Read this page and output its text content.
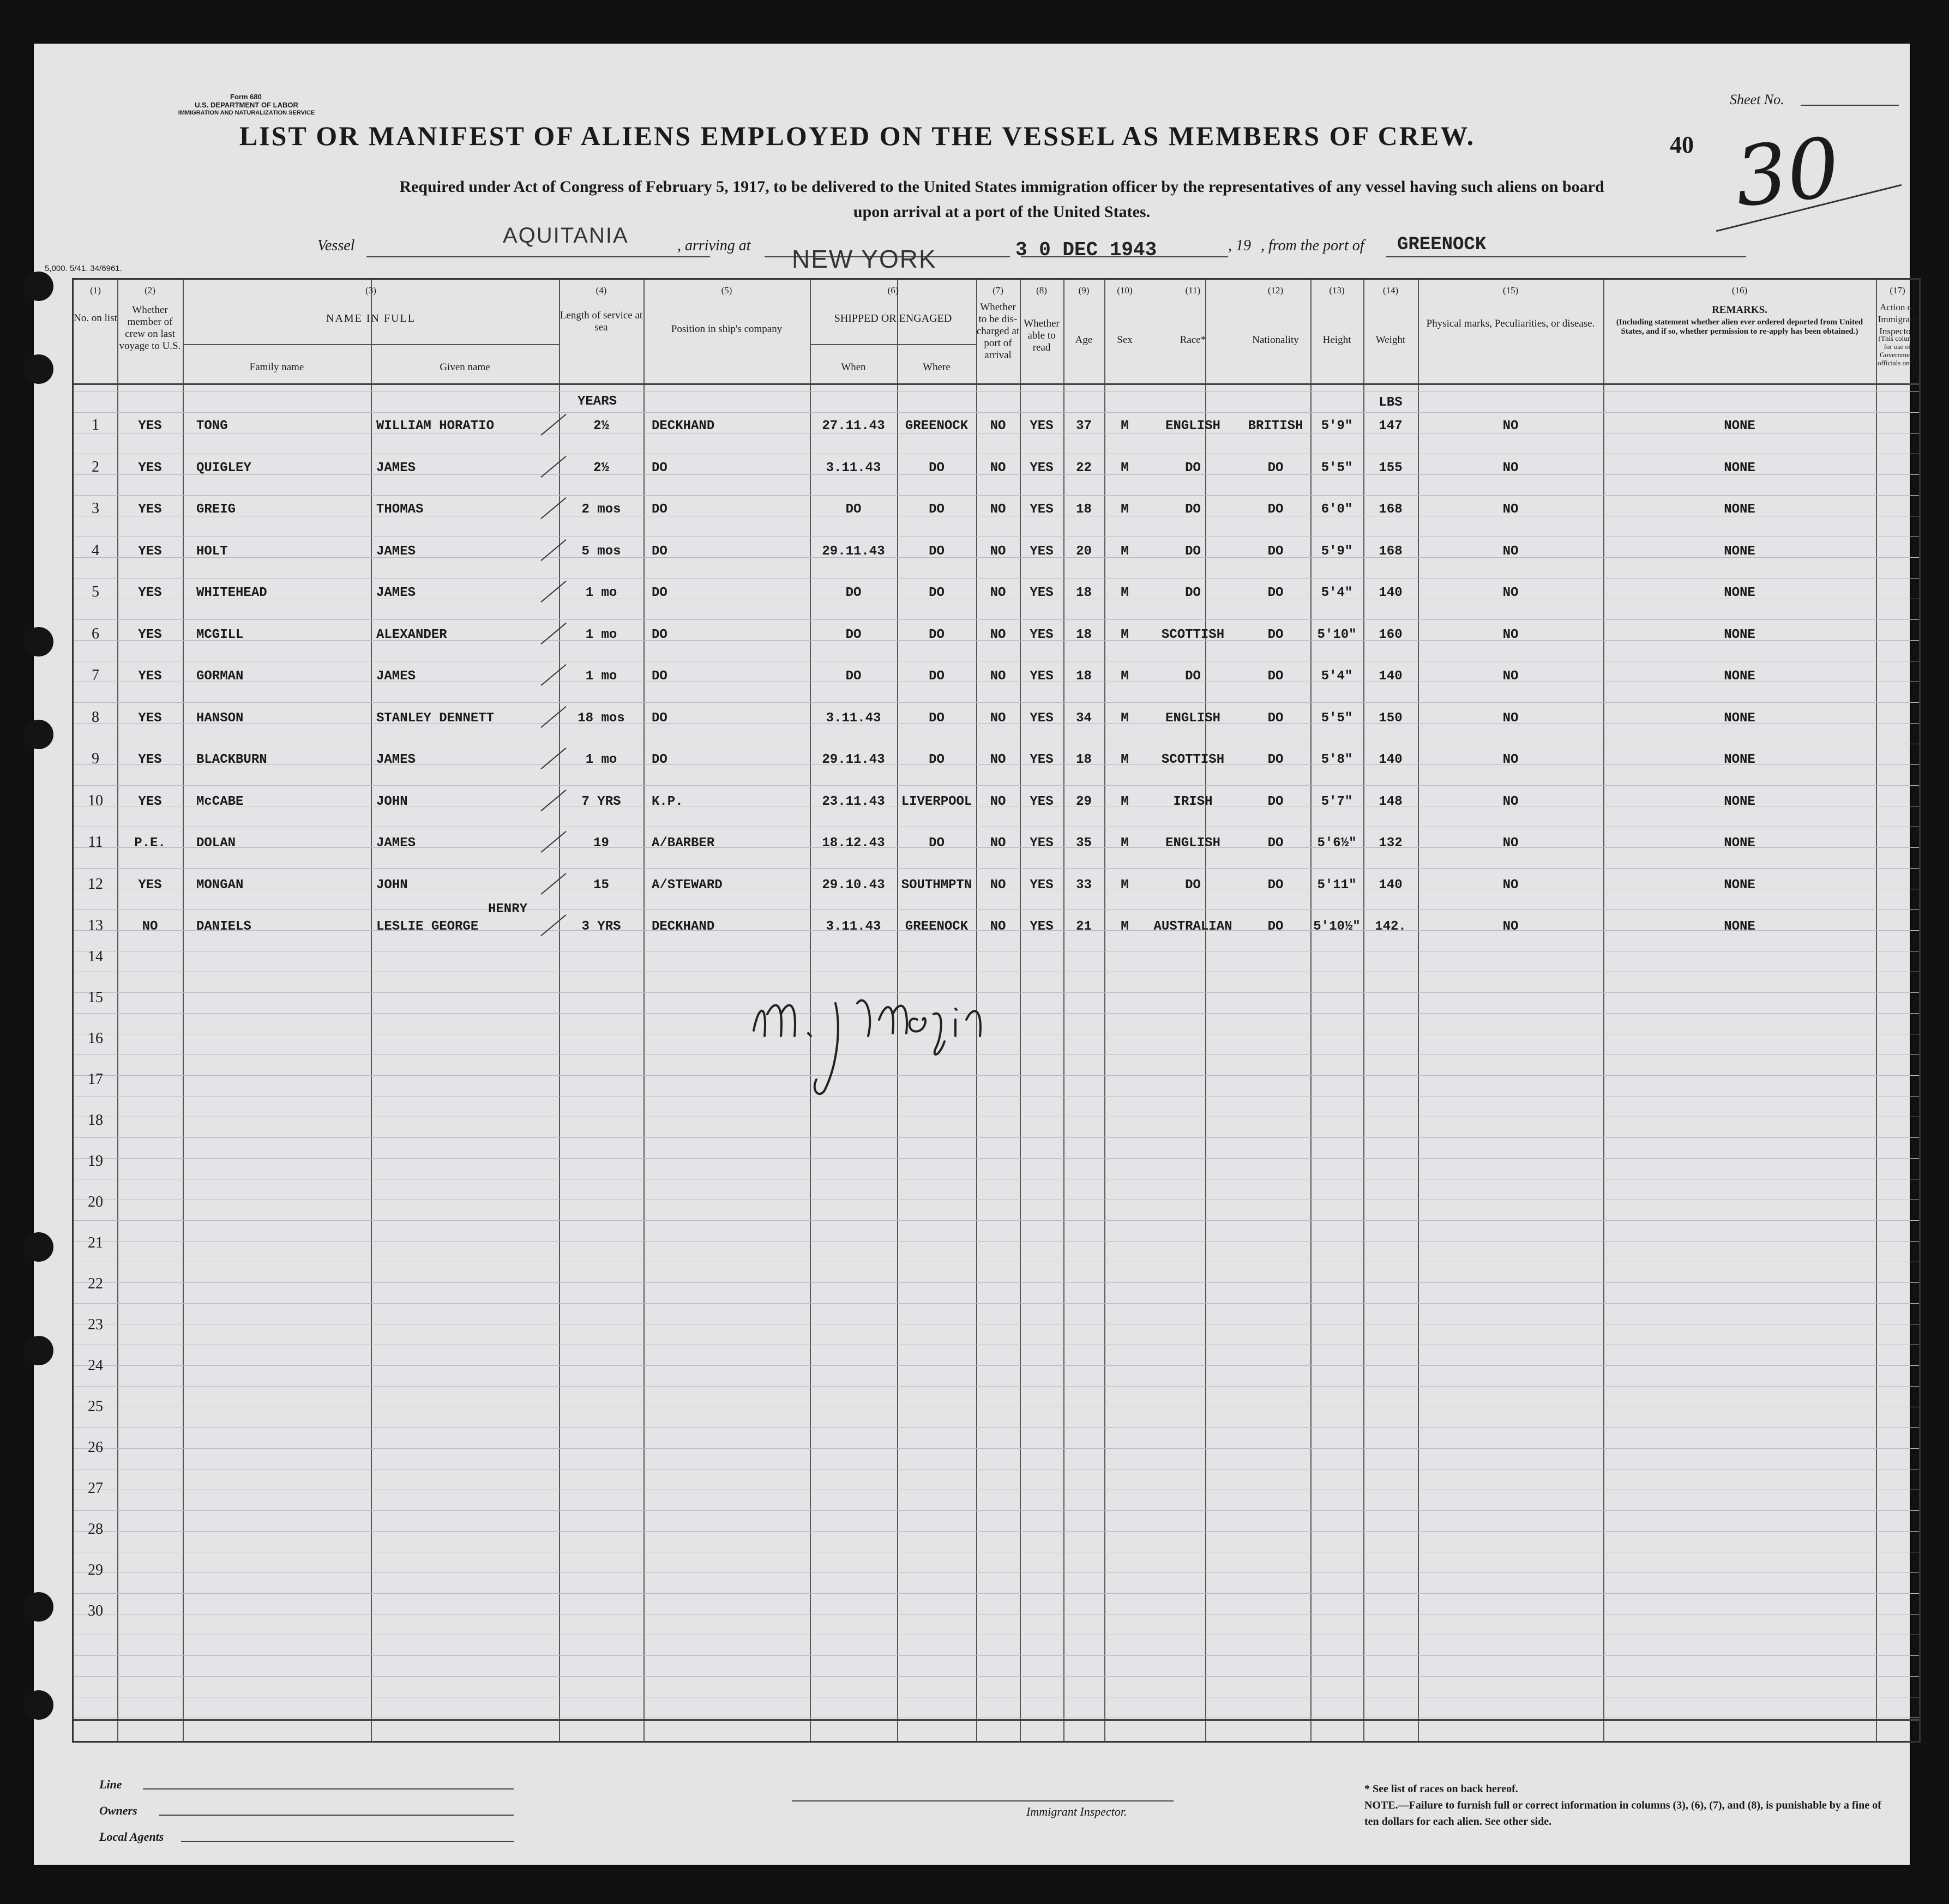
Form 680
U.S. DEPARTMENT OF LABOR
IMMIGRATION AND NATURALIZATION SERVICE
Sheet No.
40 30
LIST OR MANIFEST OF ALIENS EMPLOYED ON THE VESSEL AS MEMBERS OF CREW.
Required under Act of Congress of February 5, 1917, to be delivered to the United States immigration officer by the representatives of any vessel having such aliens on board
upon arrival at a port of the United States.
Vessel	AQUITANIA	, arriving at NEW YORK	3 0 DEC 1943	, 19 , from the port of GREENOCK
5,000. 5/41. 34/6961.
(1)	(2)	(3)	(4)	(5)	(6)	(7)	(8)	(9)	(10)	(11)	(12)	(13)	(14)	(15)	(16)	(17)
No. on list
Whether member of crew on last voyage to U.S.
NAME IN FULL
Family name	Given name
Length of service at sea	Position in ship's company
SHIPPED OR ENGAGED
When	Where
Whether to be dis-charged at port of arrival
Whether able to read
Age	Sex	Race*	Nationality	Height	Weight
Physical marks, Peculiarities, or disease.
REMARKS.
(Including statement whether alien ever ordered deported from United States, and if so, whether permission to re-apply has been obtained.)
Action of Immigrant Inspector.
(This column for use of Government officials only)
YEARS	LBS
1	YES	TONG	WILLIAM HORATIO	2½	DECKHAND	27.11.43	GREENOCK	NO	YES	37	M	ENGLISH	BRITISH	5'9"	147	NO	NONE
2	YES	QUIGLEY	JAMES	2½	DO	3.11.43	DO	NO	YES	22	M	DO	DO	5'5"	155	NO	NONE
3	YES	GREIG	THOMAS	2 mos	DO	DO	DO	NO	YES	18	M	DO	DO	6'0"	168	NO	NONE
4	YES	HOLT	JAMES	5 mos	DO	29.11.43	DO	NO	YES	20	M	DO	DO	5'9"	168	NO	NONE
5	YES	WHITEHEAD	JAMES	1 mo	DO	DO	DO	NO	YES	18	M	DO	DO	5'4"	140	NO	NONE
6	YES	MCGILL	ALEXANDER	1 mo	DO	DO	DO	NO	YES	18	M	SCOTTISH	DO	5'10"	160	NO	NONE
7	YES	GORMAN	JAMES	1 mo	DO	DO	DO	NO	YES	18	M	DO	DO	5'4"	140	NO	NONE
8	YES	HANSON	STANLEY DENNETT	18 mos	DO	3.11.43	DO	NO	YES	34	M	ENGLISH	DO	5'5"	150	NO	NONE
9	YES	BLACKBURN	JAMES	1 mo	DO	29.11.43	DO	NO	YES	18	M	SCOTTISH	DO	5'8"	140	NO	NONE
10	YES	McCABE	JOHN	7 YRS	K.P.	23.11.43	LIVERPOOL	NO	YES	29	M	IRISH	DO	5'7"	148	NO	NONE
11	P.E.	DOLAN	JAMES	19	A/BARBER	18.12.43	DO	NO	YES	35	M	ENGLISH	DO	5'6½"	132	NO	NONE
12	YES	MONGAN	JOHN	15	A/STEWARD	29.10.43	SOUTHMPTN	NO	YES	33	M	DO	DO	5'11"	140	NO	NONE
13	NO	DANIELS	LESLIE GEORGE	3 YRS	DECKHAND	3.11.43	GREENOCK	NO	YES	21	M	AUSTRALIAN	DO	5'10½"	142.	NO	NONE
HENRY
14
15
16
17
18
19
20
21
22
23
24
25
26
27
28
29
30
Line
Owners
Local Agents
Immigrant Inspector.
* See list of races on back hereof.
NOTE.—Failure to furnish full or correct information in columns (3), (6), (7), and (8), is punishable by a fine of ten dollars for each alien. See other side.
